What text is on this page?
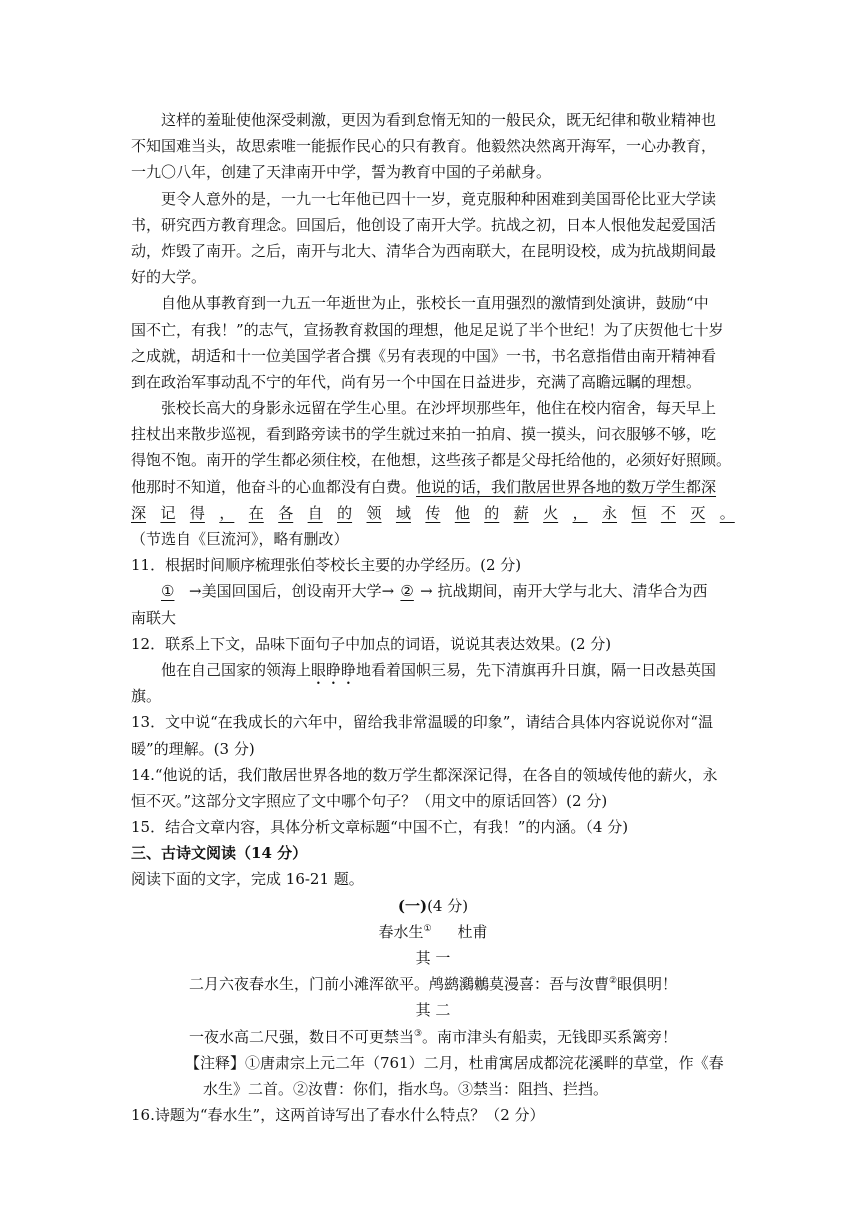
这样的羞耻使他深受刺激，更因为看到怠惰无知的一般民众，既无纪律和敬业精神也
不知国难当头，故思索唯一能振作民心的只有教育。他毅然决然离开海军，一心办教育，
一九〇八年，创建了天津南开中学，誓为教育中国的子弟献身。
更令人意外的是，一九一七年他已四十一岁，竟克服种种困难到美国哥伦比亚大学读
书，研究西方教育理念。回国后，他创设了南开大学。抗战之初，日本人恨他发起爱国活
动，炸毁了南开。之后，南开与北大、清华合为西南联大，在昆明设校，成为抗战期间最
好的大学。
自他从事教育到一九五一年逝世为止，张校长一直用强烈的激情到处演讲，鼓励“中
国不亡，有我！”的志气，宣扬教育救国的理想，他足足说了半个世纪！为了庆贺他七十岁
之成就，胡适和十一位美国学者合撰《另有表现的中国》一书，书名意指借由南开精神看
到在政治军事动乱不宁的年代，尚有另一个中国在日益进步，充满了高瞻远瞩的理想。
张校长高大的身影永远留在学生心里。在沙坪坝那些年，他住在校内宿舍，每天早上
拄杖出来散步巡视，看到路旁读书的学生就过来拍一拍肩、摸一摸头，问衣服够不够，吃
得饱不饱。南开的学生都必须住校，在他想，这些孩子都是父母托给他的，必须好好照顾。
他那时不知道，他奋斗的心血都没有白费。他说的话，我们散居世界各地的数万学生都深
深 记 得 ， 在 各 自 的 领 域 传 他 的 薪 火 ， 永 恒 不 灭 。
（节选自《巨流河》，略有删改）
11．根据时间顺序梳理张伯苓校长主要的办学经历。(2 分)
① →美国回国后，创设南开大学→ ② → 抗战期间，南开大学与北大、清华合为西
南联大
12．联系上下文，品味下面句子中加点的词语，说说其表达效果。(2 分)
他在自己国家的领海上眼睁睁地看着国帜三易，先下清旗再升日旗，隔一日改悬英国
旗。
13．文中说“在我成长的六年中，留给我非常温暖的印象”，请结合具体内容说说你对“温
暖”的理解。(3 分)
14.“他说的话，我们散居世界各地的数万学生都深深记得，在各自的领域传他的薪火，永
恒不灭。”这部分文字照应了文中哪个句子？（用文中的原话回答）(2 分)
15．结合文章内容，具体分析文章标题“中国不亡，有我！”的内涵。（4 分)
三、古诗文阅读（14 分）
阅读下面的文字，完成 16-21 题。
(一)(4 分)
春水生① 杜甫
其 一
二月六夜春水生，门前小滩浑欲平。鸬鹚鸂鶒莫漫喜：吾与汝曹②眼俱明！
其 二
一夜水高二尺强，数日不可更禁当③。南市津头有船卖，无钱即买系篱旁！
【注释】①唐肃宗上元二年（761）二月，杜甫寓居成都浣花溪畔的草堂，作《春
水生》二首。②汝曹：你们，指水鸟。③禁当：阻挡、拦挡。
16.诗题为“春水生”，这两首诗写出了春水什么特点？（2 分）
